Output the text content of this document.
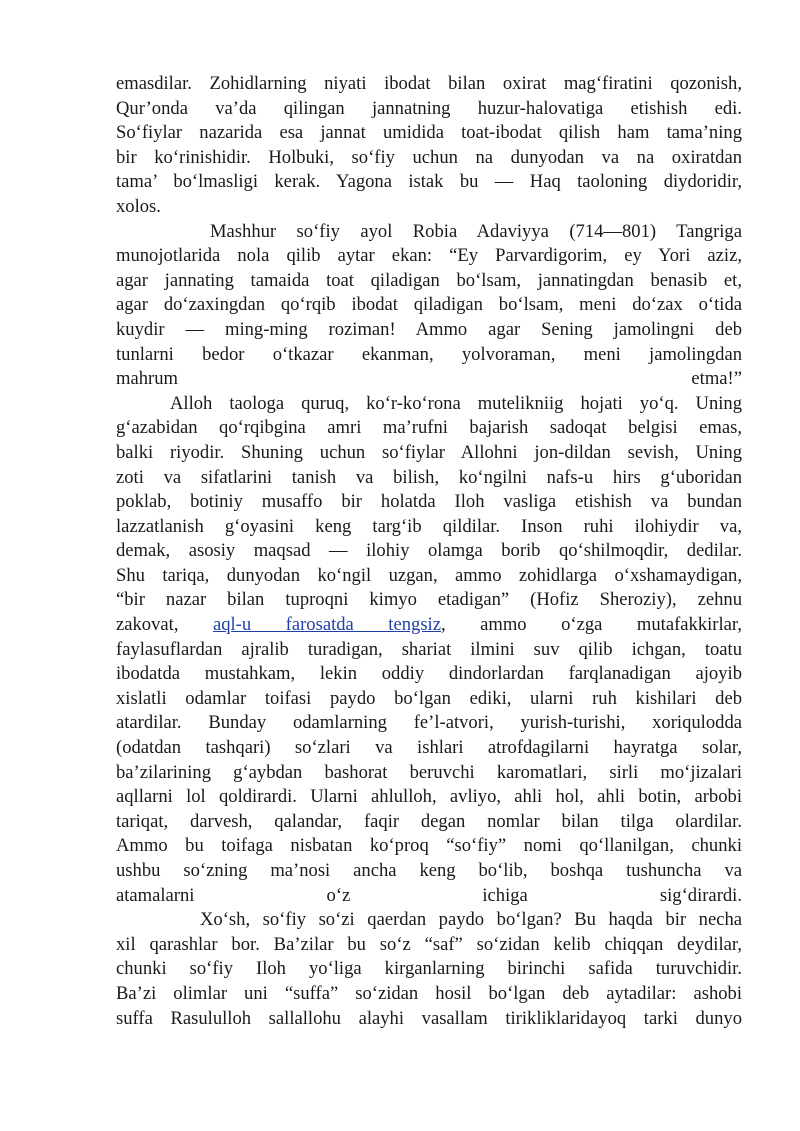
emasdilar. Zohidlarning niyati ibodat bilan oxirat mag‘firatini qozonish,
Qur’onda va’da qilingan jannatning huzur-halovatiga etishish edi.
So‘fiylar nazarida esa jannat umidida toat-ibodat qilish ham tama’ning
bir ko‘rinishidir. Holbuki, so‘fiy uchun na dunyodan va na oxiratdan
tama’ bo‘lmasligi kerak. Yagona istak bu — Haq taoloning diydoridir,
xolos.
Mashhur so‘fiy ayol Robia Adaviyya (714—801) Tangriga
munojotlarida nola qilib aytar ekan: “Ey Parvardigorim, ey Yori aziz,
agar jannating tamaida toat qiladigan bo‘lsam, jannatingdan benasib et,
agar do‘zaxingdan qo‘rqib ibodat qiladigan bo‘lsam, meni do‘zax o‘tida
kuydir — ming-ming roziman! Ammo agar Sening jamolingni deb
tunlarni bedor o‘tkazar ekanman, yolvoraman, meni jamolingdan
mahrum etma!”
Alloh taologa quruq, ko‘r-ko‘rona mutelikniig hojati yo‘q. Uning
g‘azabidan qo‘rqibgina amri ma’rufni bajarish sadoqat belgisi emas,
balki riyodir. Shuning uchun so‘fiylar Allohni jon-dildan sevish, Uning
zoti va sifatlarini tanish va bilish, ko‘ngilni nafs-u hirs g‘uboridan
poklab, botiniy musaffo bir holatda Iloh vasliga etishish va bundan
lazzatlanish g‘oyasini keng targ‘ib qildilar. Inson ruhi ilohiydir va,
demak, asosiy maqsad — ilohiy olamga borib qo‘shilmoqdir, dedilar.
Shu tariqa, dunyodan ko‘ngil uzgan, ammo zohidlarga o‘xshamaydigan,
“bir nazar bilan tuproqni kimyo etadigan” (Hofiz Sheroziy), zehnu
zakovat, aql-u farosatda tengsiz, ammo o‘zga mutafakkirlar,
faylasuflardan ajralib turadigan, shariat ilmini suv qilib ichgan, toatu
ibodatda mustahkam, lekin oddiy dindorlardan farqlanadigan ajoyib
xislatli odamlar toifasi paydo bo‘lgan ediki, ularni ruh kishilari deb
atardilar. Bunday odamlarning fe’l-atvori, yurish-turishi, xoriqulodda
(odatdan tashqari) so‘zlari va ishlari atrofdagilarni hayratga solar,
ba’zilarining g‘aybdan bashorat beruvchi karomatlari, sirli mo‘jizalari
aqllarni lol qoldirardi. Ularni ahlulloh, avliyo, ahli hol, ahli botin, arbobi
tariqat, darvesh, qalandar, faqir degan nomlar bilan tilga olardilar.
Ammo bu toifaga nisbatan ko‘proq “so‘fiy” nomi qo‘llanilgan, chunki
ushbu so‘zning ma’nosi ancha keng bo‘lib, boshqa tushuncha va
atamalarni o‘z ichiga sig‘dirardi.
Xo‘sh, so‘fiy so‘zi qaerdan paydo bo‘lgan? Bu haqda bir necha
xil qarashlar bor. Ba’zilar bu so‘z “saf” so‘zidan kelib chiqqan deydilar,
chunki so‘fiy Iloh yo‘liga kirganlarning birinchi safida turuvchidir.
Ba’zi olimlar uni “suffa” so‘zidan hosil bo‘lgan deb aytadilar: ashobi
suffa Rasululloh sallallohu alayhi vasallam tirikliklaridayoq tarki dunyo
